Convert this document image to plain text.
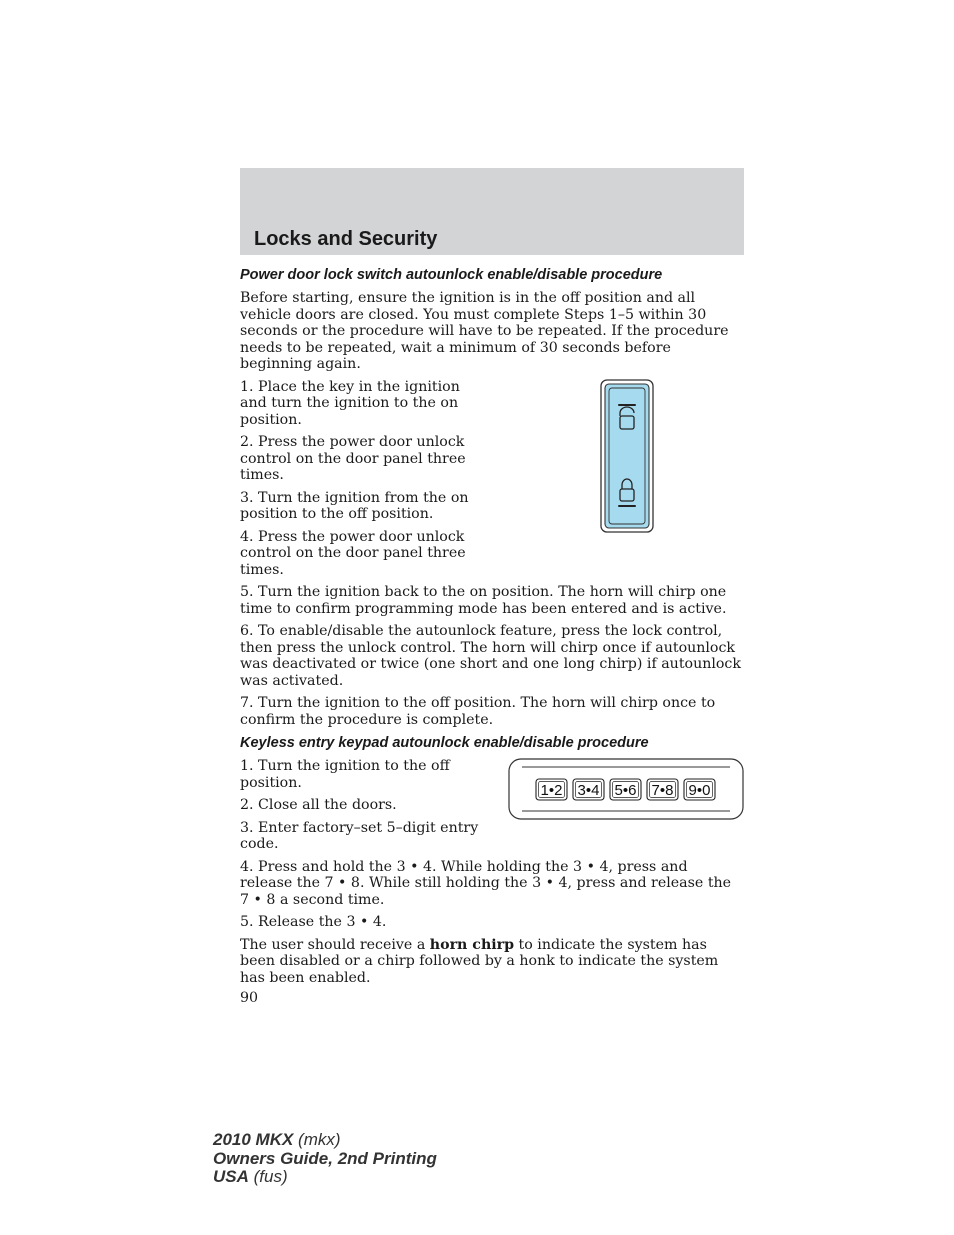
Locks and Security
Power door lock switch autounlock enable/disable procedure

Before starting, ensure the ignition is in the off position and all vehicle doors are closed. You must complete Steps 1–5 within 30 seconds or the procedure will have to be repeated. If the procedure needs to be repeated, wait a minimum of 30 seconds before beginning again.

1. Place the key in the ignition and turn the ignition to the on position.

2. Press the power door unlock control on the door panel three times.

3. Turn the ignition from the on position to the off position.

4. Press the power door unlock control on the door panel three times.

5. Turn the ignition back to the on position. The horn will chirp one time to confirm programming mode has been entered and is active.

6. To enable/disable the autounlock feature, press the lock control, then press the unlock control. The horn will chirp once if autounlock was deactivated or twice (one short and one long chirp) if autounlock was activated.

7. Turn the ignition to the off position. The horn will chirp once to confirm the procedure is complete.

Keyless entry keypad autounlock enable/disable procedure

1. Turn the ignition to the off position.

2. Close all the doors.

3. Enter factory–set 5–digit entry code.

1•2 3•4 5•6 7•8 9•0

4. Press and hold the 3 • 4. While holding the 3 • 4, press and release the 7 • 8. While still holding the 3 • 4, press and release the 7 • 8 a second time.

5. Release the 3 • 4.

The user should receive a horn chirp to indicate the system has been disabled or a chirp followed by a honk to indicate the system has been enabled.

90

2010 MKX (mkx)
Owners Guide, 2nd Printing
USA (fus)
